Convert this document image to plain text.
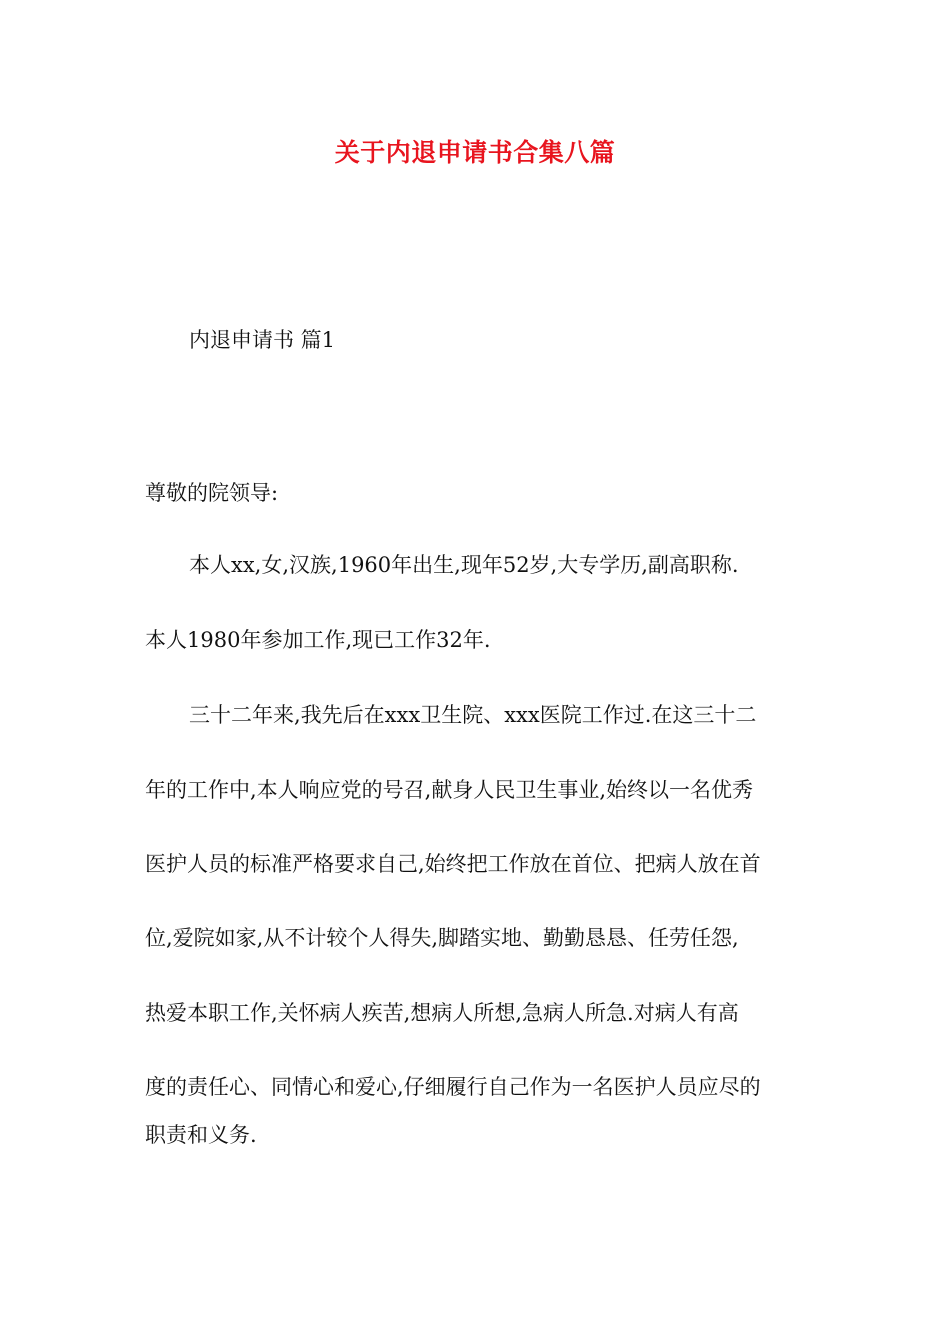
关于内退申请书合集八篇
内退申请书 篇1
尊敬的院领导:
本人xx,女,汉族,1960年出生,现年52岁,大专学历,副高职称.
本人1980年参加工作,现已工作32年.
三十二年来,我先后在xxx卫生院、xxx医院工作过.在这三十二
年的工作中,本人响应党的号召,献身人民卫生事业,始终以一名优秀
医护人员的标准严格要求自己,始终把工作放在首位、把病人放在首
位,爱院如家,从不计较个人得失,脚踏实地、勤勤恳恳、任劳任怨,
热爱本职工作,关怀病人疾苦,想病人所想,急病人所急.对病人有高
度的责任心、同情心和爱心,仔细履行自己作为一名医护人员应尽的
职责和义务.
